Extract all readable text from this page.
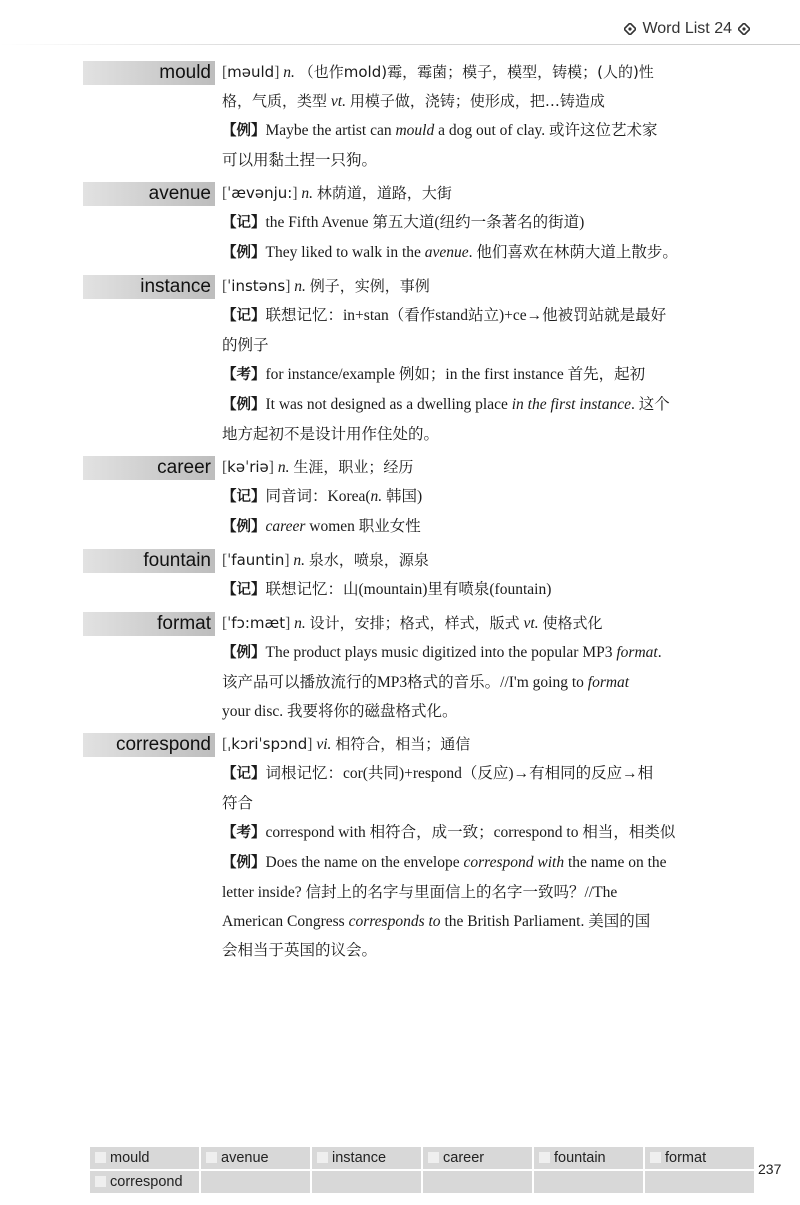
Word List 24
mould [məuld] n. （也作mold)霉，霉菌；模子，模型，铸模；(人的)性
格，气质，类型 vt. 用模子做，浇铸；使形成，把…铸造成
【例】Maybe the artist can mould a dog out of clay. 或许这位艺术家
可以用黏土捏一只狗。
avenue [ˈævənju:] n. 林荫道，道路，大街
【记】the Fifth Avenue 第五大道(纽约一条著名的街道)
【例】They liked to walk in the avenue. 他们喜欢在林荫大道上散步。
instance [ˈinstəns] n. 例子，实例，事例
【记】联想记忆：in+stan（看作stand站立)+ce→他被罚站就是最好
的例子
【考】for instance/example 例如；in the first instance 首先，起初
【例】It was not designed as a dwelling place in the first instance. 这个
地方起初不是设计用作住处的。
career [kəˈriə] n. 生涯，职业；经历
【记】同音词：Korea(n. 韩国)
【例】career women 职业女性
fountain [ˈfauntin] n. 泉水，喷泉，源泉
【记】联想记忆：山(mountain)里有喷泉(fountain)
format [ˈfɔ:mæt] n. 设计，安排；格式，样式，版式 vt. 使格式化
【例】The product plays music digitized into the popular MP3 format.
该产品可以播放流行的MP3格式的音乐。//I'm going to format
your disc. 我要将你的磁盘格式化。
correspond [ˌkɔriˈspɔnd] vi. 相符合，相当；通信
【记】词根记忆：cor(共同)+respond（反应)→有相同的反应→相
符合
【考】correspond with 相符合，成一致；correspond to 相当，相类似
【例】Does the name on the envelope correspond with the name on the
letter inside? 信封上的名字与里面信上的名字一致吗？//The
American Congress corresponds to the British Parliament. 美国的国
会相当于英国的议会。
mould	avenue	instance	career	fountain	format
correspond
237
